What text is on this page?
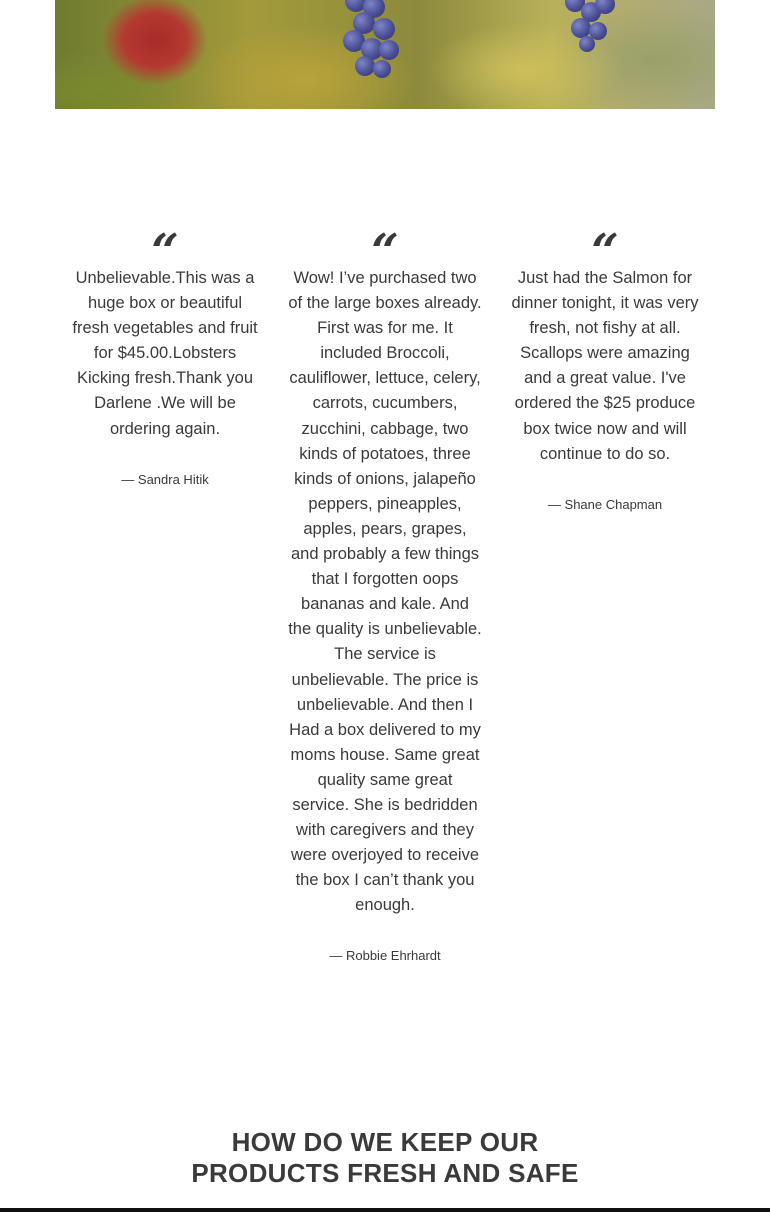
“

Unbelievable.This was a huge box or beautiful fresh vegetables and fruit for $45.00.Lobsters Kicking fresh.Thank you Darlene .We will be ordering again.

— Sandra Hitik
“

Wow! I’ve purchased two of the large boxes already. First was for me. It included Broccoli, cauliflower, lettuce, celery, carrots, cucumbers, zucchini, cabbage, two kinds of potatoes, three kinds of onions, jalapeño peppers, pineapples, apples, pears, grapes, and probably a few things that I forgotten oops bananas and kale. And the quality is unbelievable. The service is unbelievable. The price is unbelievable. And then I Had a box delivered to my moms house. Same great quality same great service. She is bedridden with caregivers and they were overjoyed to receive the box I can’t thank you enough.

— Robbie Ehrhardt
“

Just had the Salmon for dinner tonight, it was very fresh, not fishy at all. Scallops were amazing and a great value. I've ordered the $25 produce box twice now and will continue to do so.

— Shane Chapman
HOW DO WE KEEP OUR
PRODUCTS FRESH AND SAFE
